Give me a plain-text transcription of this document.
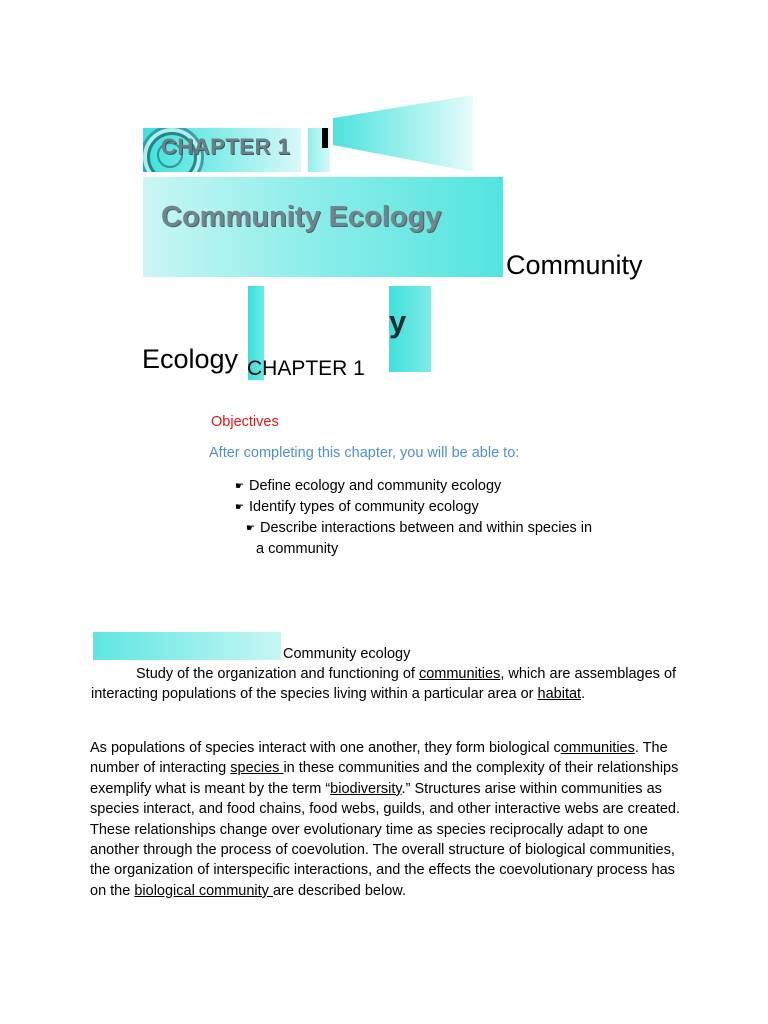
CHAPTER 1
Community Ecology
y
Community
Ecology CHAPTER 1
Objectives
After completing this chapter, you will be able to:
☛ Define ecology and community ecology
☛ Identify types of community ecology
☛ Describe interactions between and within species in
a community
Community ecology
Study of the organization and functioning of communities, which are assemblages of interacting populations of the species living within a particular area or habitat.
As populations of species interact with one another, they form biological communities. The number of interacting species in these communities and the complexity of their relationships exemplify what is meant by the term “biodiversity.” Structures arise within communities as species interact, and food chains, food webs, guilds, and other interactive webs are created. These relationships change over evolutionary time as species reciprocally adapt to one another through the process of coevolution. The overall structure of biological communities, the organization of interspecific interactions, and the effects the coevolutionary process has on the biological community are described below.
